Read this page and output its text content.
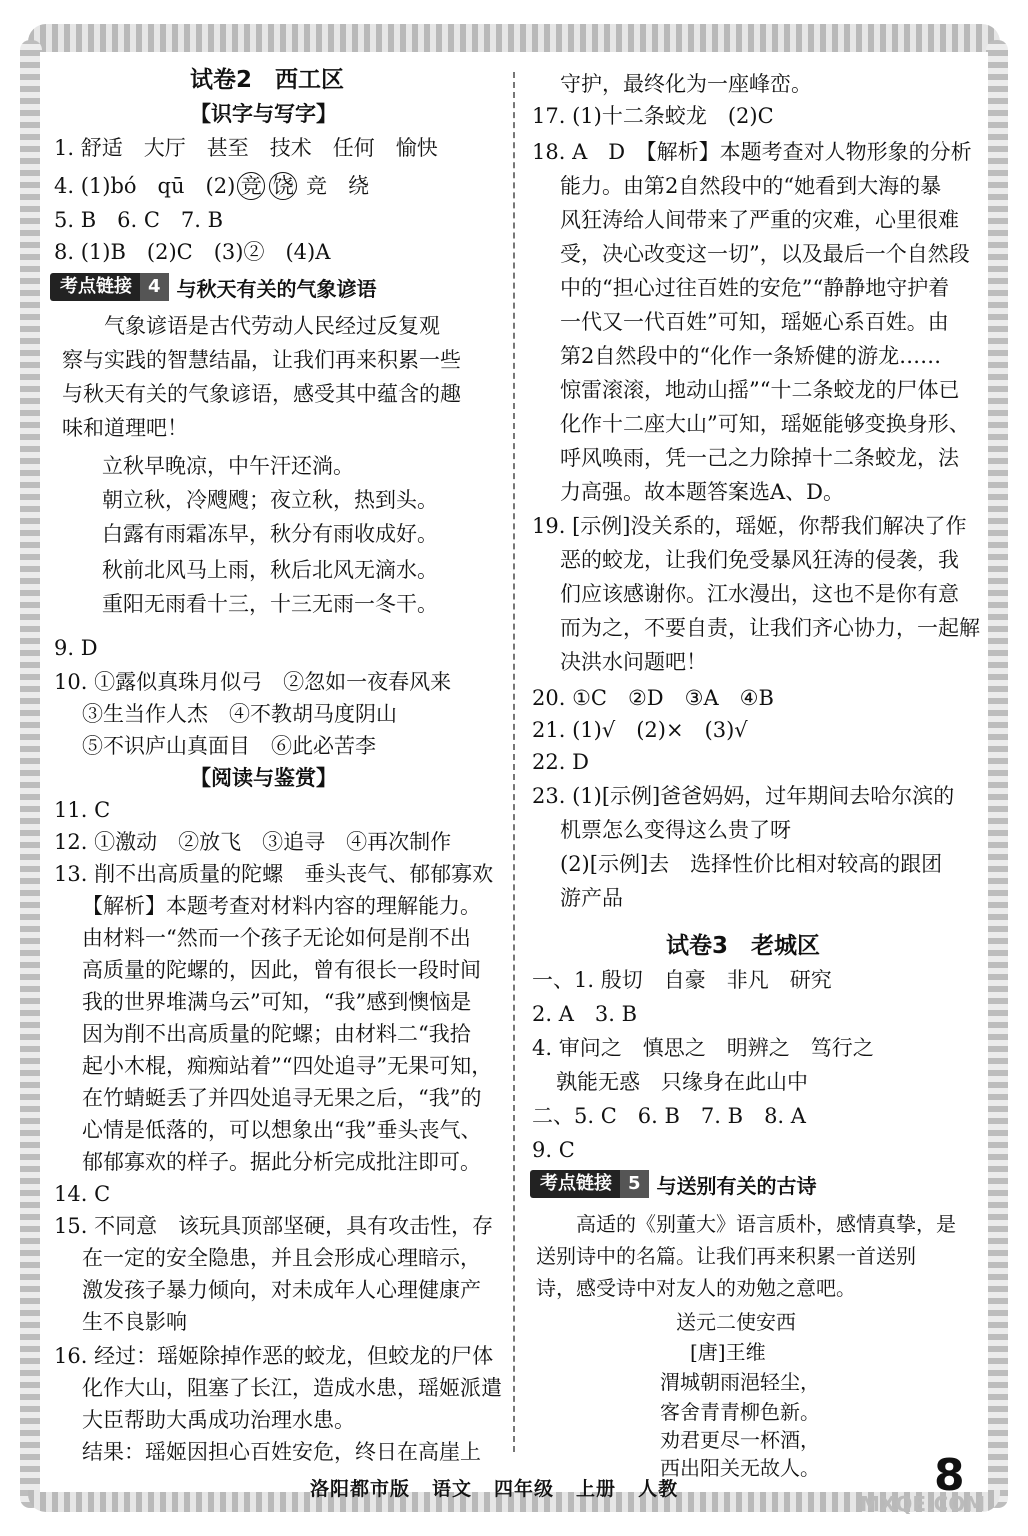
试卷2　西工区
【识字与写字】
1. 舒适　大厅　甚至　技术　任何　愉快
4. (1)bó　qū　(2) 竞 饶 竞　绕
5. B　6. C　7. B
8. (1)B　(2)C　(3)②　(4)A
考点链接 4 与秋天有关的气象谚语
　　气象谚语是古代劳动人民经过反复观
察与实践的智慧结晶，让我们再来积累一些
与秋天有关的气象谚语，感受其中蕴含的趣
味和道理吧！
立秋早晚凉，中午汗还淌。
朝立秋，冷飕飕；夜立秋，热到头。
白露有雨霜冻早，秋分有雨收成好。
秋前北风马上雨，秋后北风无滴水。
重阳无雨看十三，十三无雨一冬干。
9. D
10. ①露似真珠月似弓　②忽如一夜春风来
③生当作人杰　④不教胡马度阴山
⑤不识庐山真面目　⑥此必苦李
【阅读与鉴赏】
11. C
12. ①激动　②放飞　③追寻　④再次制作
13. 削不出高质量的陀螺　垂头丧气、郁郁寡欢
【解析】本题考查对材料内容的理解能力。
由材料一“然而一个孩子无论如何是削不出
高质量的陀螺的，因此，曾有很长一段时间
我的世界堆满乌云”可知，“我”感到懊恼是
因为削不出高质量的陀螺；由材料二“我拾
起小木棍，痴痴站着”“四处追寻”无果可知，
在竹蜻蜓丢了并四处追寻无果之后，“我”的
心情是低落的，可以想象出“我”垂头丧气、
郁郁寡欢的样子。据此分析完成批注即可。
14. C
15. 不同意　该玩具顶部坚硬，具有攻击性，存
在一定的安全隐患，并且会形成心理暗示，
激发孩子暴力倾向，对未成年人心理健康产
生不良影响
16. 经过：瑶姬除掉作恶的蛟龙，但蛟龙的尸体
化作大山，阻塞了长江，造成水患，瑶姬派遣
大臣帮助大禹成功治理水患。
结果：瑶姬因担心百姓安危，终日在高崖上
守护，最终化为一座峰峦。
17. (1)十二条蛟龙　(2)C
18. A　D　【解析】本题考查对人物形象的分析
能力。由第2自然段中的“她看到大海的暴
风狂涛给人间带来了严重的灾难，心里很难
受，决心改变这一切”，以及最后一个自然段
中的“担心过往百姓的安危”“静静地守护着
一代又一代百姓”可知，瑶姬心系百姓。由
第2自然段中的“化作一条矫健的游龙……
惊雷滚滚，地动山摇”“十二条蛟龙的尸体已
化作十二座大山”可知，瑶姬能够变换身形、
呼风唤雨，凭一己之力除掉十二条蛟龙，法
力高强。故本题答案选A、D。
19. [示例]没关系的，瑶姬，你帮我们解决了作
恶的蛟龙，让我们免受暴风狂涛的侵袭，我
们应该感谢你。江水漫出，这也不是你有意
而为之，不要自责，让我们齐心协力，一起解
决洪水问题吧！
20. ①C　②D　③A　④B
21. (1)√　(2)×　(3)√
22. D
23. (1)[示例]爸爸妈妈，过年期间去哈尔滨的
机票怎么变得这么贵了呀
(2)[示例]去　选择性价比相对较高的跟团
游产品
试卷3　老城区
一、1. 殷切　自豪　非凡　研究
2. A　3. B
4. 审问之　慎思之　明辨之　笃行之
孰能无惑　只缘身在此山中
二、5. C　6. B　7. B　8. A
9. C
考点链接 5 与送别有关的古诗
　　高适的《别董大》语言质朴，感情真挚，是
送别诗中的名篇。让我们再来积累一首送别
诗，感受诗中对友人的劝勉之意吧。
送元二使安西
[唐]王维
渭城朝雨浥轻尘，
客舍青青柳色新。
劝君更尽一杯酒，
西出阳关无故人。
洛阳都市版 语文 四年级 上册 人教	8
MXQE.COM
